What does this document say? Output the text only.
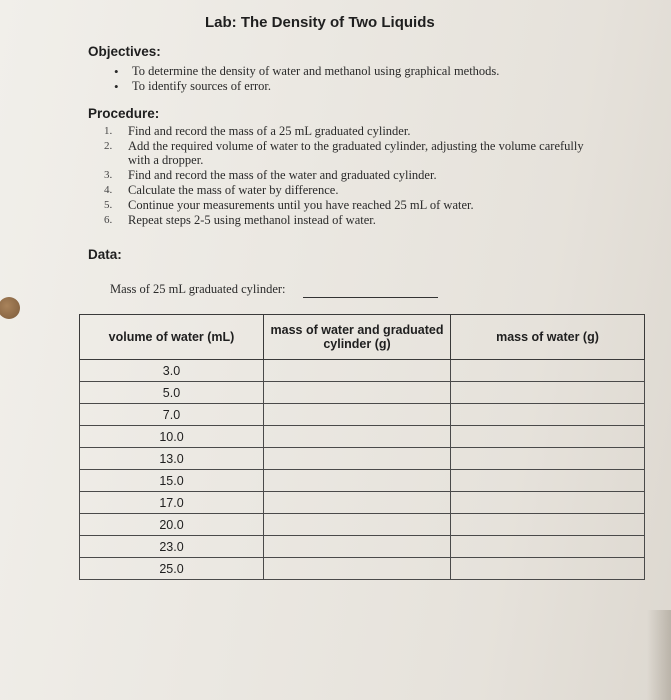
Lab: The Density of Two Liquids
Objectives:
• To determine the density of water and methanol using graphical methods.
• To identify sources of error.
Procedure:
1. Find and record the mass of a 25 mL graduated cylinder.
2. Add the required volume of water to the graduated cylinder, adjusting the volume carefully with a dropper.
3. Find and record the mass of the water and graduated cylinder.
4. Calculate the mass of water by difference.
5. Continue your measurements until you have reached 25 mL of water.
6. Repeat steps 2-5 using methanol instead of water.
Data:
Mass of 25 mL graduated cylinder:
volume of water (mL)	mass of water and graduated cylinder (g)	mass of water (g)
3.0		
5.0		
7.0		
10.0		
13.0		
15.0		
17.0		
20.0		
23.0		
25.0		
